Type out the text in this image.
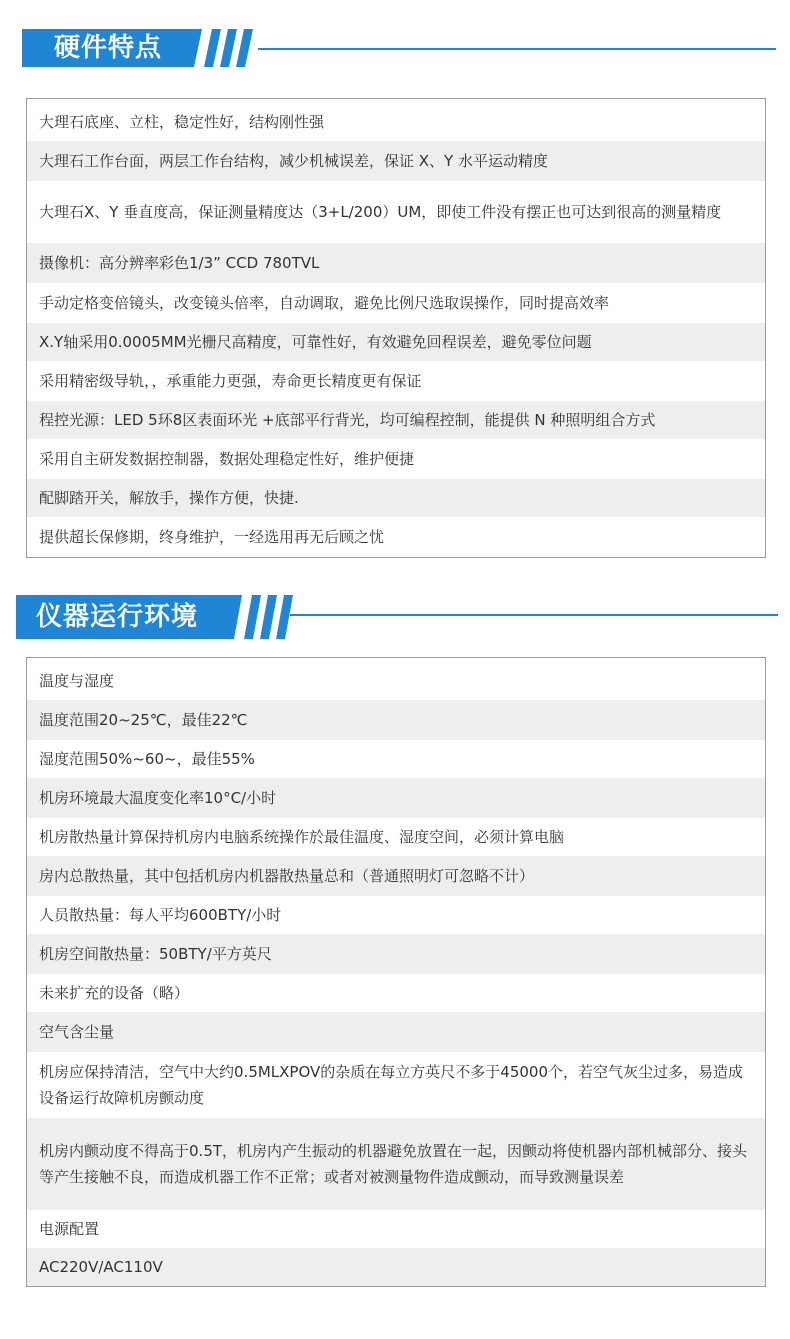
硬件特点
大理石底座、立柱，稳定性好，结构刚性强
大理石工作台面，两层工作台结构，减少机械误差，保证 X、Y 水平运动精度
大理石X、Y 垂直度高，保证测量精度达（3+L/200）UM，即使工件没有摆正也可达到很高的测量精度
摄像机：高分辨率彩色1/3” CCD 780TVL
手动定格变倍镜头，改变镜头倍率，自动调取，避免比例尺选取误操作，同时提高效率
X.Y轴采用0.0005MM光栅尺高精度，可靠性好，有效避免回程误差，避免零位问题
采用精密级导轨，，承重能力更强，寿命更长精度更有保证
程控光源：LED 5环8区表面环光 +底部平行背光，均可编程控制，能提供 N 种照明组合方式
采用自主研发数据控制器，数据处理稳定性好，维护便捷
配脚踏开关，解放手，操作方便，快捷.
提供超长保修期，终身维护，一经选用再无后顾之忧
仪器运行环境
温度与湿度
温度范围20~25℃，最佳22℃
湿度范围50%~60~，最佳55%
机房环境最大温度变化率10°C/小时
机房散热量计算保持机房内电脑系统操作於最佳温度、湿度空间，必须计算电脑
房内总散热量，其中包括机房内机器散热量总和（普通照明灯可忽略不计）
人员散热量：每人平均600BTY/小时
机房空间散热量：50BTY/平方英尺
未来扩充的设备（略）
空气含尘量
机房应保持清洁，空气中大约0.5MLXPOV的杂质在每立方英尺不多于45000个，若空气灰尘过多，易造成设备运行故障机房颤动度
机房内颤动度不得高于0.5T，机房内产生振动的机器避免放置在一起，因颤动将使机器内部机械部分、接头等产生接触不良，而造成机器工作不正常；或者对被测量物件造成颤动，而导致测量误差
电源配置
AC220V/AC110V
